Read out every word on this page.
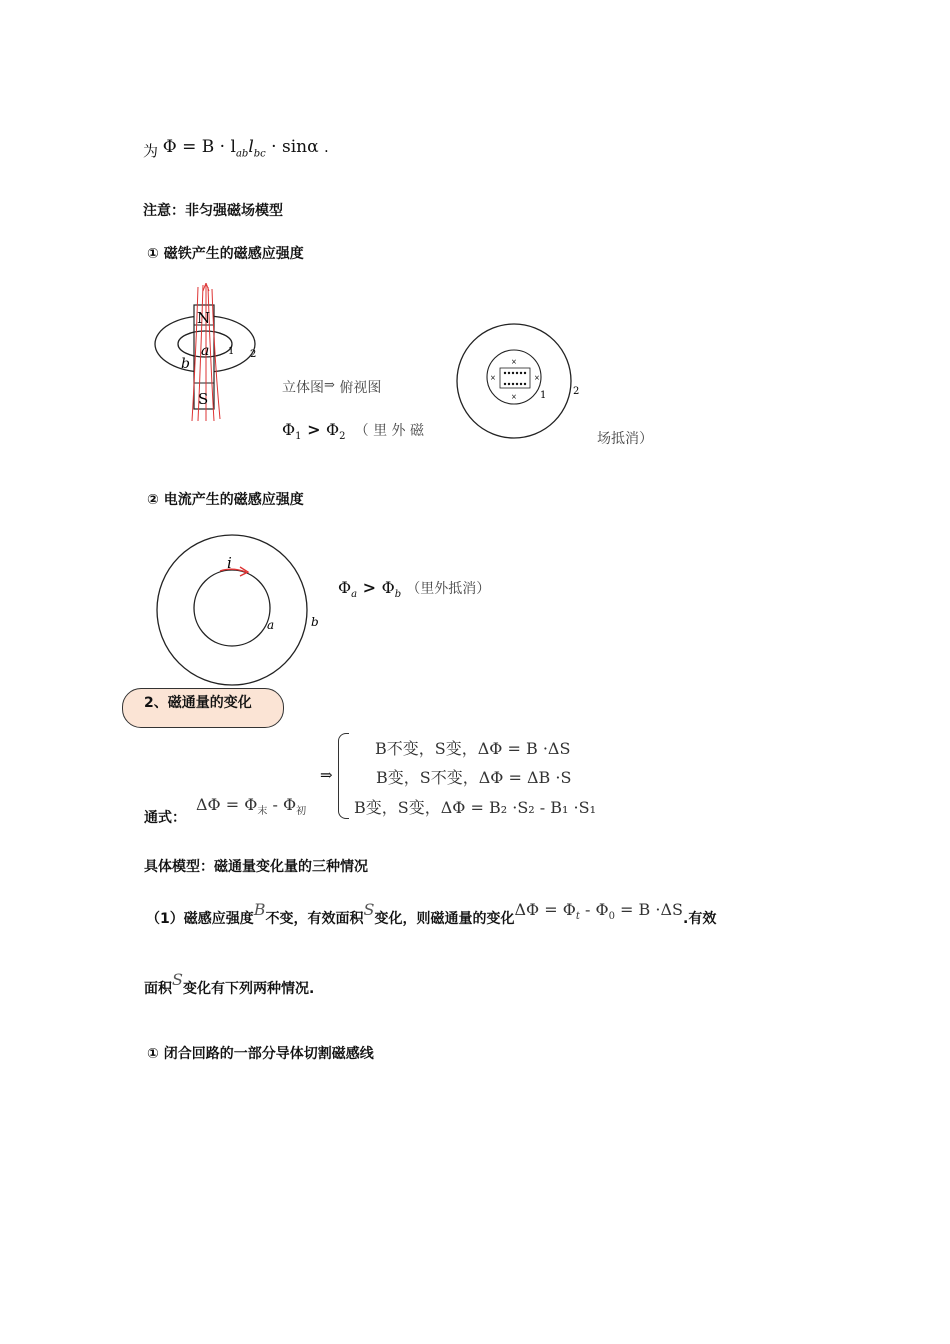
为 $\Phi = B \cdot l_{ab}l_{bc} \cdot \sin\alpha$ .
注意：非匀强磁场模型
① 磁铁产生的磁感应强度
N
S
a
b
1 2
立体图⇒ 俯视图
×
×	×
× 1	2
$\Phi_1 > \Phi_2$ （ 里 外 磁	场抵消）
② 电流产生的磁感应强度
i
a	b
$\Phi_a > \Phi_b$ （里外抵消）
2、磁通量的变化
⇒
B不变，S变，ΔΦ = B ·ΔS
B变，S不变，ΔΦ = ΔB ·S
B变，S变，ΔΦ = B₂ ·S₂ - B₁ ·S₁
通式：
$\Delta\Phi = \Phi_末 - \Phi_初$
具体模型：磁通量变化量的三种情况
（1）磁感应强度B不变，有效面积S变化，则磁通量的变化$\Delta\Phi = \Phi_t - \Phi_0 = B \cdot\Delta S$.有效
面积S变化有下列两种情况.
① 闭合回路的一部分导体切割磁感线
